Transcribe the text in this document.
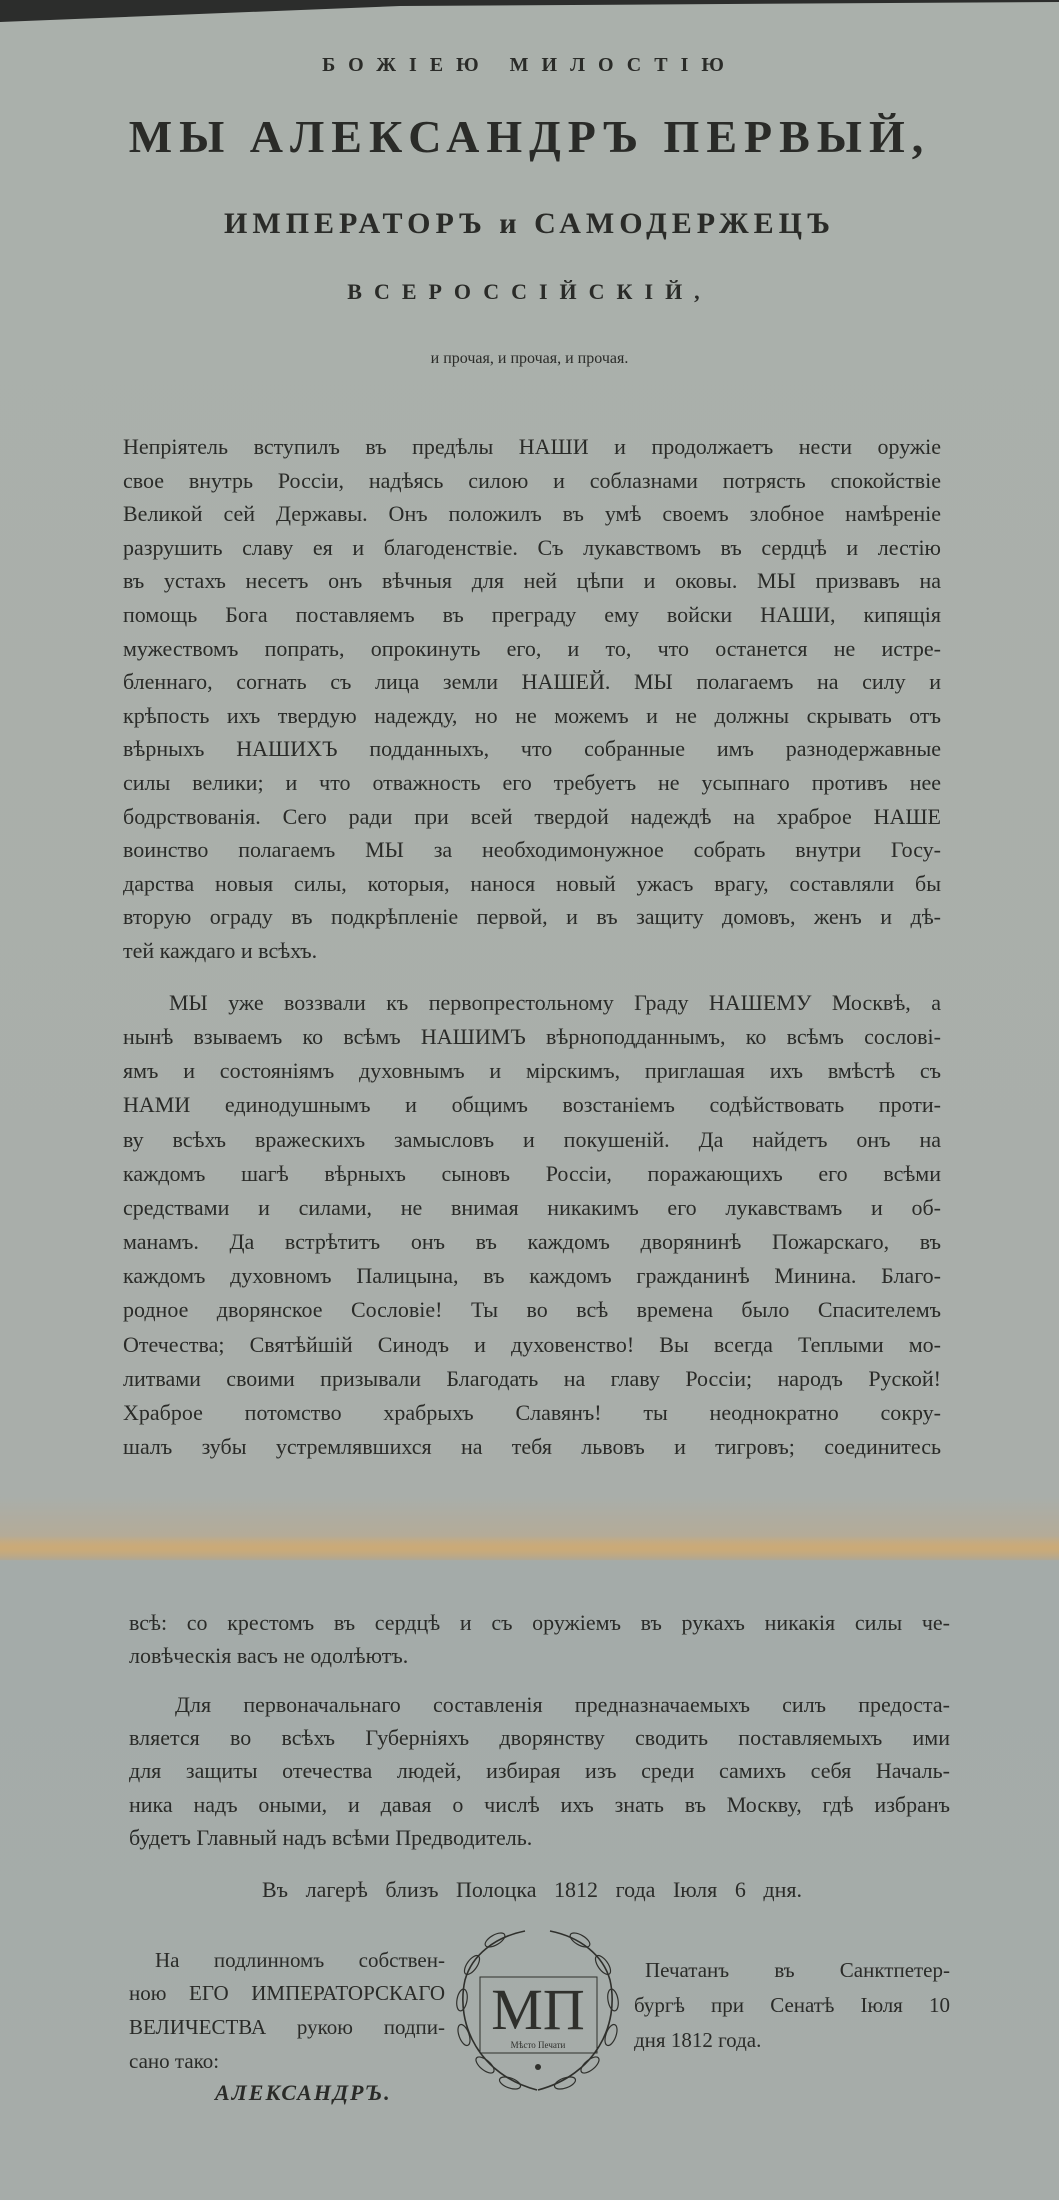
БОЖІЕЮ МИЛОСТІЮ
МЫ АЛЕКСАНДРЪ ПЕРВЫЙ,
ИМПЕРАТОРЪ и САМОДЕРЖЕЦЪ
ВСЕРОССІЙСКІЙ,
и прочая, и прочая, и прочая.
Непріятель вступилъ въ предѣлы НАШИ и продолжаетъ нести оружіе
свое внутрь Россіи, надѣясь силою и соблазнами потрясть спокойствіе
Великой сей Державы. Онъ положилъ въ умѣ своемъ злобное намѣреніе
разрушить славу ея и благоденствіе. Съ лукавствомъ въ сердцѣ и лестію
въ устахъ несетъ онъ вѣчныя для ней цѣпи и оковы. МЫ призвавъ на
помощь Бога поставляемъ въ преграду ему войски НАШИ, кипящія
мужествомъ попрать, опрокинуть его, и то, что останется не истре-
бленнаго, согнать съ лица земли НАШЕЙ. МЫ полагаемъ на силу и
крѣпость ихъ твердую надежду, но не можемъ и не должны скрывать отъ
вѣрныхъ НАШИХЪ подданныхъ, что собранные имъ разнодержавные
силы велики; и что отважность его требуетъ не усыпнаго противъ нее
бодрствованія. Сего ради при всей твердой надеждѣ на храброе НАШЕ
воинство полагаемъ МЫ за необходимонужное собрать внутри Госу-
дарства новыя силы, которыя, нанося новый ужасъ врагу, составляли бы
вторую ограду въ подкрѣпленіе первой, и въ защиту домовъ, женъ и дѣ-
тей каждаго и всѣхъ.
МЫ уже воззвали къ первопрестольному Граду НАШЕМУ Москвѣ, а
нынѣ взываемъ ко всѣмъ НАШИМЪ вѣрноподданнымъ, ко всѣмъ сослові-
ямъ и состояніямъ духовнымъ и мірскимъ, приглашая ихъ вмѣстѣ съ
НАМИ единодушнымъ и общимъ возстаніемъ содѣйствовать проти-
ву всѣхъ вражескихъ замысловъ и покушеній. Да найдетъ онъ на
каждомъ шагѣ вѣрныхъ сыновъ Россіи, поражающихъ его всѣми
средствами и силами, не внимая никакимъ его лукавствамъ и об-
манамъ. Да встрѣтитъ онъ въ каждомъ дворянинѣ Пожарскаго, въ
каждомъ духовномъ Палицына, въ каждомъ гражданинѣ Минина. Благо-
родное дворянское Сословіе! Ты во всѣ времена было Спасителемъ
Отечества; Святѣйшій Синодъ и духовенство! Вы всегда Теплыми мо-
литвами своими призывали Благодать на главу Россіи; народъ Руской!
Храброе потомство храбрыхъ Славянъ! ты неоднократно сокру-
шалъ зубы устремлявшихся на тебя львовъ и тигровъ; соединитесь
всѣ: со крестомъ въ сердцѣ и съ оружіемъ въ рукахъ никакія силы че-
ловѣческія васъ не одолѣютъ.
Для первоначальнаго составленія предназначаемыхъ силъ предоста-
вляется во всѣхъ Губерніяхъ дворянству сводить поставляемыхъ ими
для защиты отечества людей, избирая изъ среди самихъ себя Началь-
ника надъ оными, и давая о числѣ ихъ знать въ Москву, гдѣ избранъ
будетъ Главный надъ всѣми Предводитель.
Въ лагерѣ близъ Полоцка 1812 года Іюля 6 дня.
На подлинномъ собствен-
ною ЕГО ИМПЕРАТОРСКАГО
ВЕЛИЧЕСТВА рукою подпи-
сано тако:
АЛЕКСАНДРЪ.
МП
Мѣсто Печати
Печатанъ въ Санктпетер-
бургѣ при Сенатѣ Іюля 10
дня 1812 года.
